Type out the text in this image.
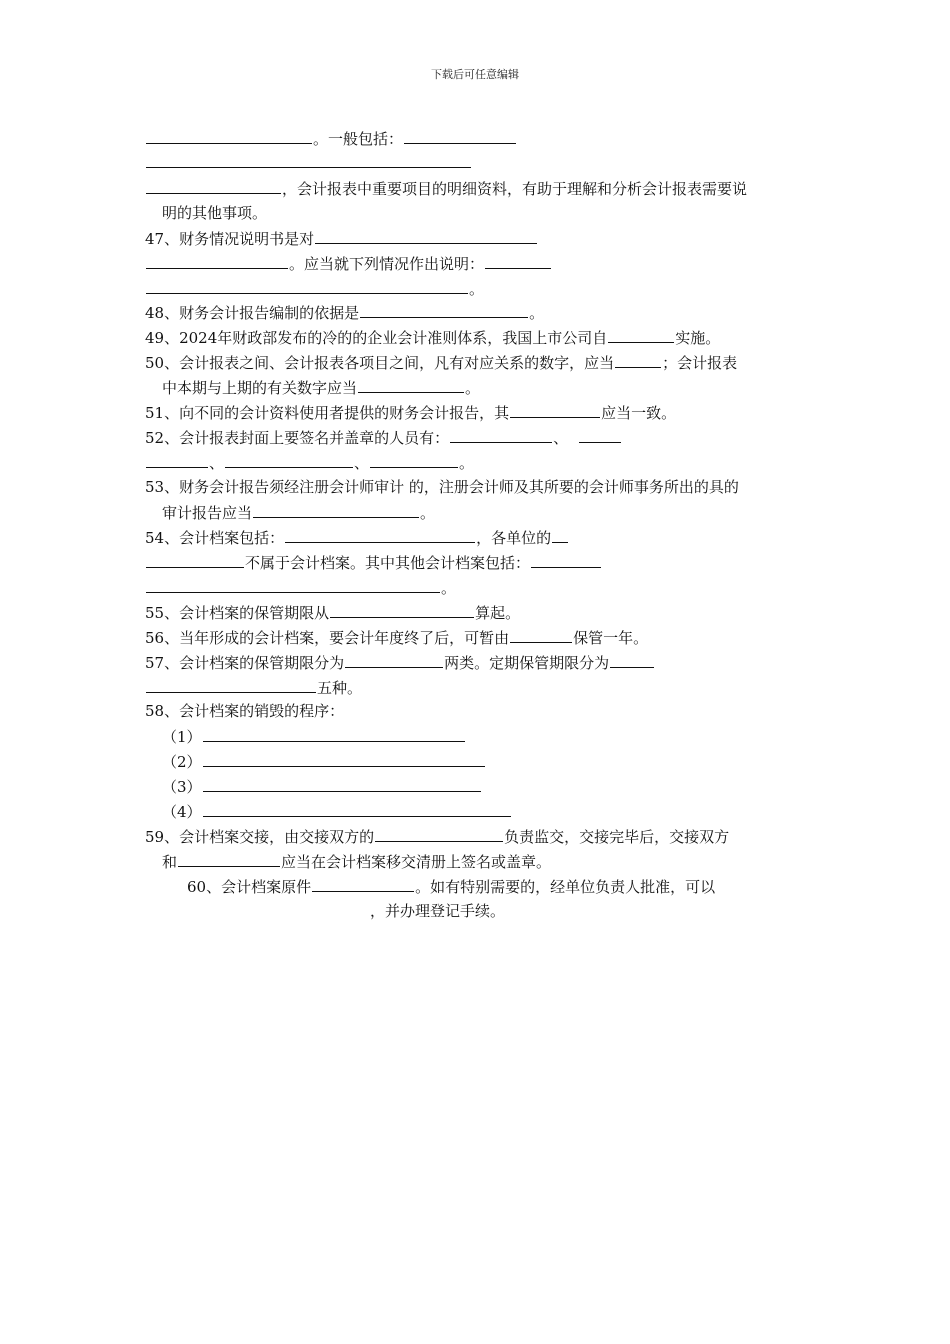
下载后可任意编辑
。一般包括：
，会计报表中重要项目的明细资料，有助于理解和分析会计报表需要说
明的其他事项。
47、财务情况说明书是对
。应当就下列情况作出说明：
。
48、财务会计报告编制的依据是	。
49、2024年财政部发布的冷的的企业会计准则体系，我国上市公司自	实施。
50、会计报表之间、会计报表各项目之间，凡有对应关系的数字，应当	；会计报表
中本期与上期的有关数字应当	。
51、向不同的会计资料使用者提供的财务会计报告，其	应当一致。
52、会计报表封面上要签名并盖章的人员有：	、
、	、	。
53、财务会计报告须经注册会计师审计 的，注册会计师及其所要的会计师事务所出的具的
审计报告应当	。
54、会计档案包括：	，各单位的
不属于会计档案。其中其他会计档案包括：
。
55、会计档案的保管期限从	算起。
56、当年形成的会计档案，要会计年度终了后，可暂由	保管一年。
57、会计档案的保管期限分为	两类。定期保管期限分为
五种。
58、会计档案的销毁的程序：
（1）
（2）
（3）
（4）
59、会计档案交接，由交接双方的	负责监交，交接完毕后，交接双方
和	应当在会计档案移交清册上签名或盖章。
60、会计档案原件	。如有特别需要的，经单位负责人批准，可以
，并办理登记手续。
